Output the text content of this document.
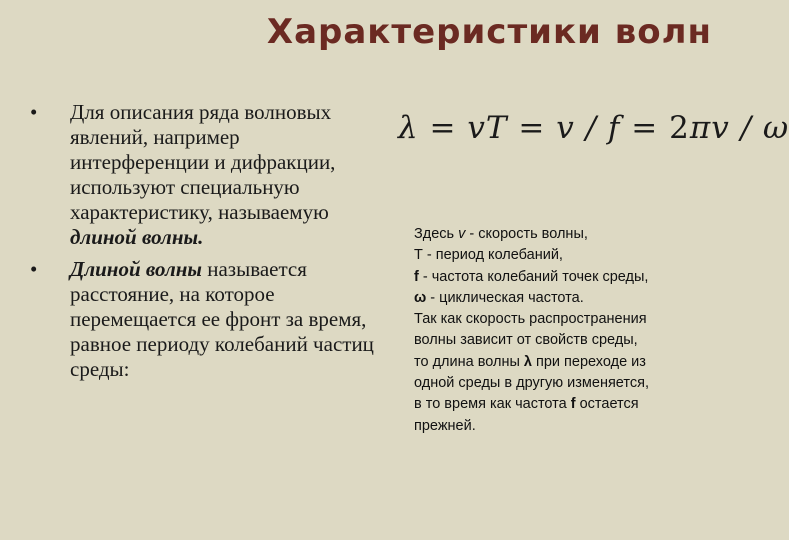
Характеристики волн
• Для описания ряда волновых явлений, например интерференции и дифракции, используют специальную характеристику, называемую длиной волны.
• Длиной волны называется расстояние, на которое перемещается ее фронт за время, равное периоду колебаний частиц среды:
λ = vT = v / f = 2πv / ω
Здесь v - скорость волны,
Т - период колебаний,
f - частота колебаний точек среды,
ω - циклическая частота.
Так как скорость распространения
волны зависит от свойств среды,
то длина волны λ при переходе из
одной среды в другую изменяется,
в то время как частота f остается
прежней.
